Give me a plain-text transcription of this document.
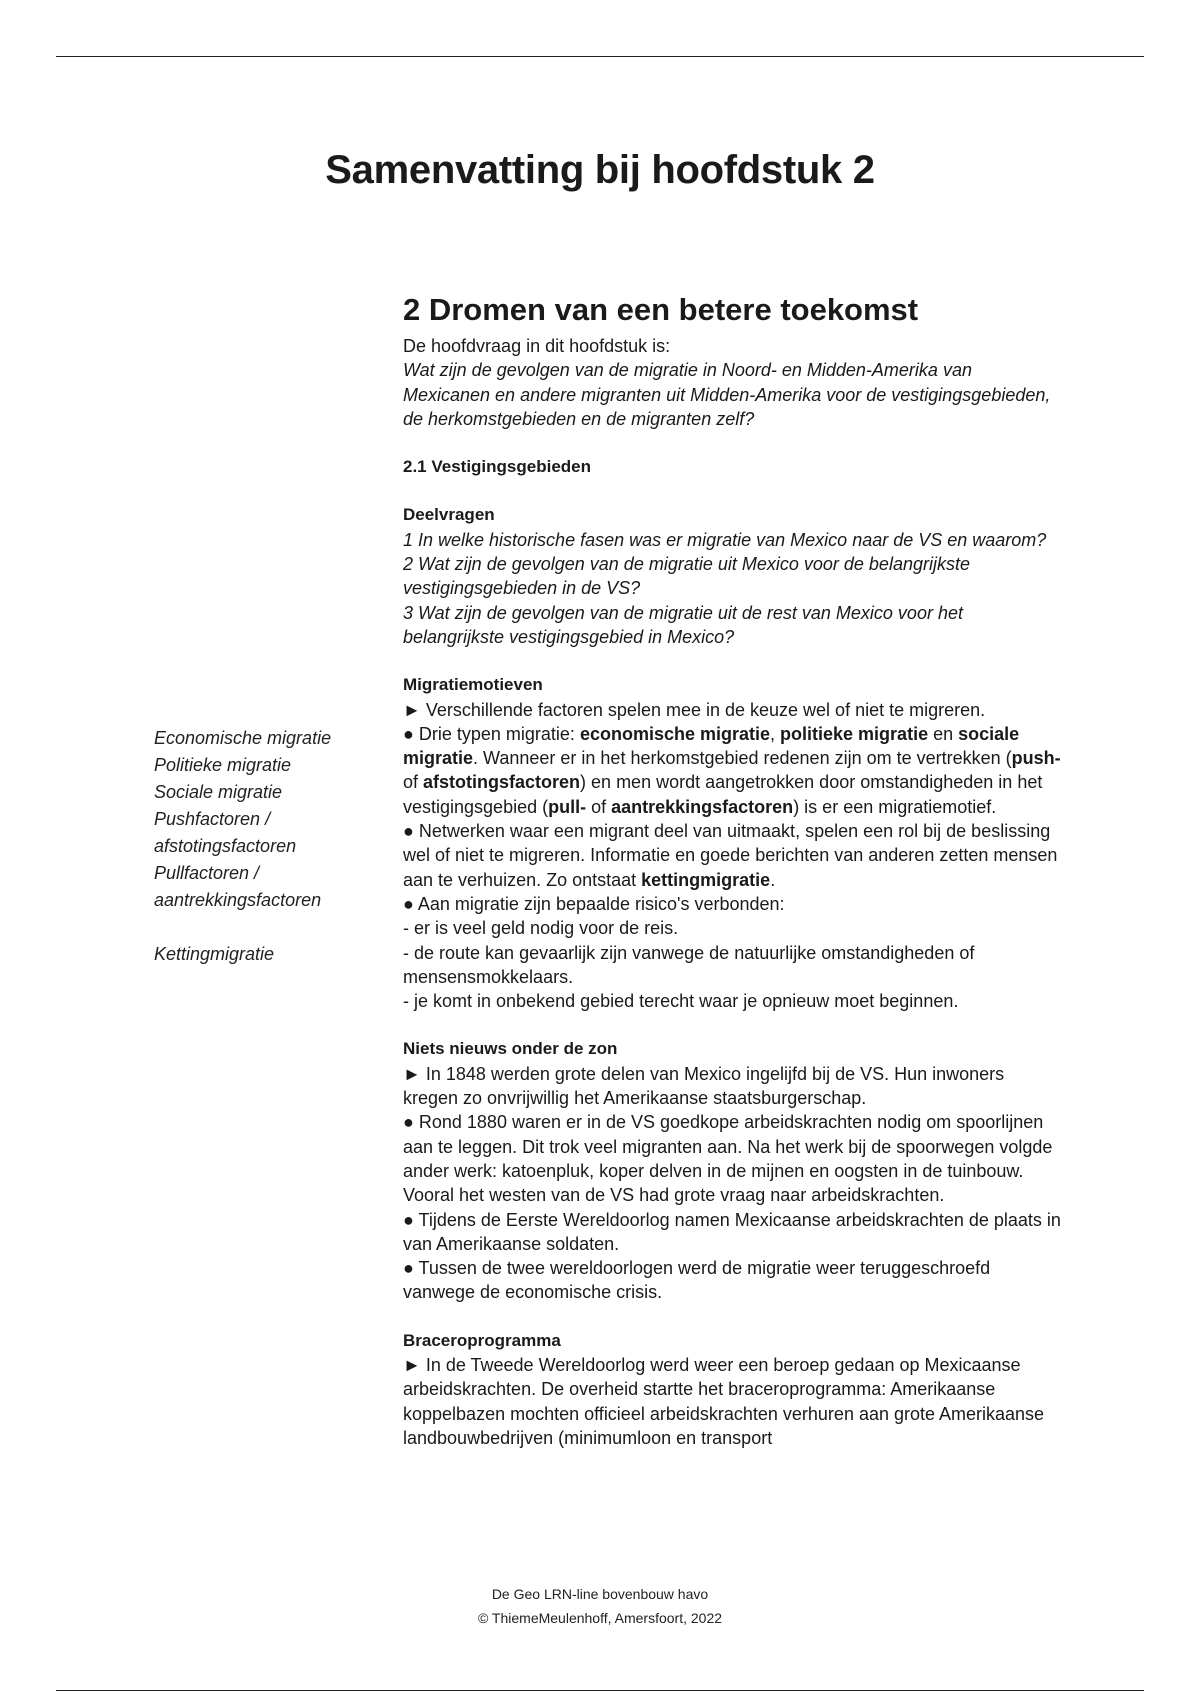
Samenvatting bij hoofdstuk 2
2 Dromen van een betere toekomst

De hoofdvraag in dit hoofdstuk is:

Wat zijn de gevolgen van de migratie in Noord- en Midden-Amerika van Mexicanen en andere migranten uit Midden-Amerika voor de vestigingsgebieden, de herkomstgebieden en de migranten zelf?

2.1 Vestigingsgebieden

Deelvragen

1 In welke historische fasen was er migratie van Mexico naar de VS en waarom?

2 Wat zijn de gevolgen van de migratie uit Mexico voor de belangrijkste vestigingsgebieden in de VS?

3 Wat zijn de gevolgen van de migratie uit de rest van Mexico voor het belangrijkste vestigingsgebied in Mexico?

Migratiemotieven

► Verschillende factoren spelen mee in de keuze wel of niet te migreren.

● Drie typen migratie: economische migratie, politieke migratie en sociale migratie. Wanneer er in het herkomstgebied redenen zijn om te vertrekken (push- of afstotingsfactoren) en men wordt aangetrokken door omstandigheden in het vestigingsgebied (pull- of aantrekkingsfactoren) is er een migratiemotief.

● Netwerken waar een migrant deel van uitmaakt, spelen een rol bij de beslissing wel of niet te migreren. Informatie en goede berichten van anderen zetten mensen aan te verhuizen. Zo ontstaat kettingmigratie.

● Aan migratie zijn bepaalde risico's verbonden:

- er is veel geld nodig voor de reis.

- de route kan gevaarlijk zijn vanwege de natuurlijke omstandigheden of mensensmokkelaars.

- je komt in onbekend gebied terecht waar je opnieuw moet beginnen.

Niets nieuws onder de zon

► In 1848 werden grote delen van Mexico ingelijfd bij de VS. Hun inwoners kregen zo onvrijwillig het Amerikaanse staatsburgerschap.

● Rond 1880 waren er in de VS goedkope arbeidskrachten nodig om spoorlijnen aan te leggen. Dit trok veel migranten aan. Na het werk bij de spoorwegen volgde ander werk: katoenpluk, koper delven in de mijnen en oogsten in de tuinbouw. Vooral het westen van de VS had grote vraag naar arbeidskrachten.

● Tijdens de Eerste Wereldoorlog namen Mexicaanse arbeidskrachten de plaats in van Amerikaanse soldaten.

● Tussen de twee wereldoorlogen werd de migratie weer teruggeschroefd vanwege de economische crisis.

Braceroprogramma

► In de Tweede Wereldoorlog werd weer een beroep gedaan op Mexicaanse arbeidskrachten. De overheid startte het braceroprogramma: Amerikaanse koppelbazen mochten officieel arbeidskrachten verhuren aan grote Amerikaanse landbouwbedrijven (minimumloon en transport

Economische migratie
Politieke migratie
Sociale migratie
Pushfactoren /
afstotingsfactoren
Pullfactoren /
aantrekkingsfactoren
Kettingmigratie
De Geo LRN-line bovenbouw havo
© ThiemeMeulenhoff, Amersfoort, 2022
